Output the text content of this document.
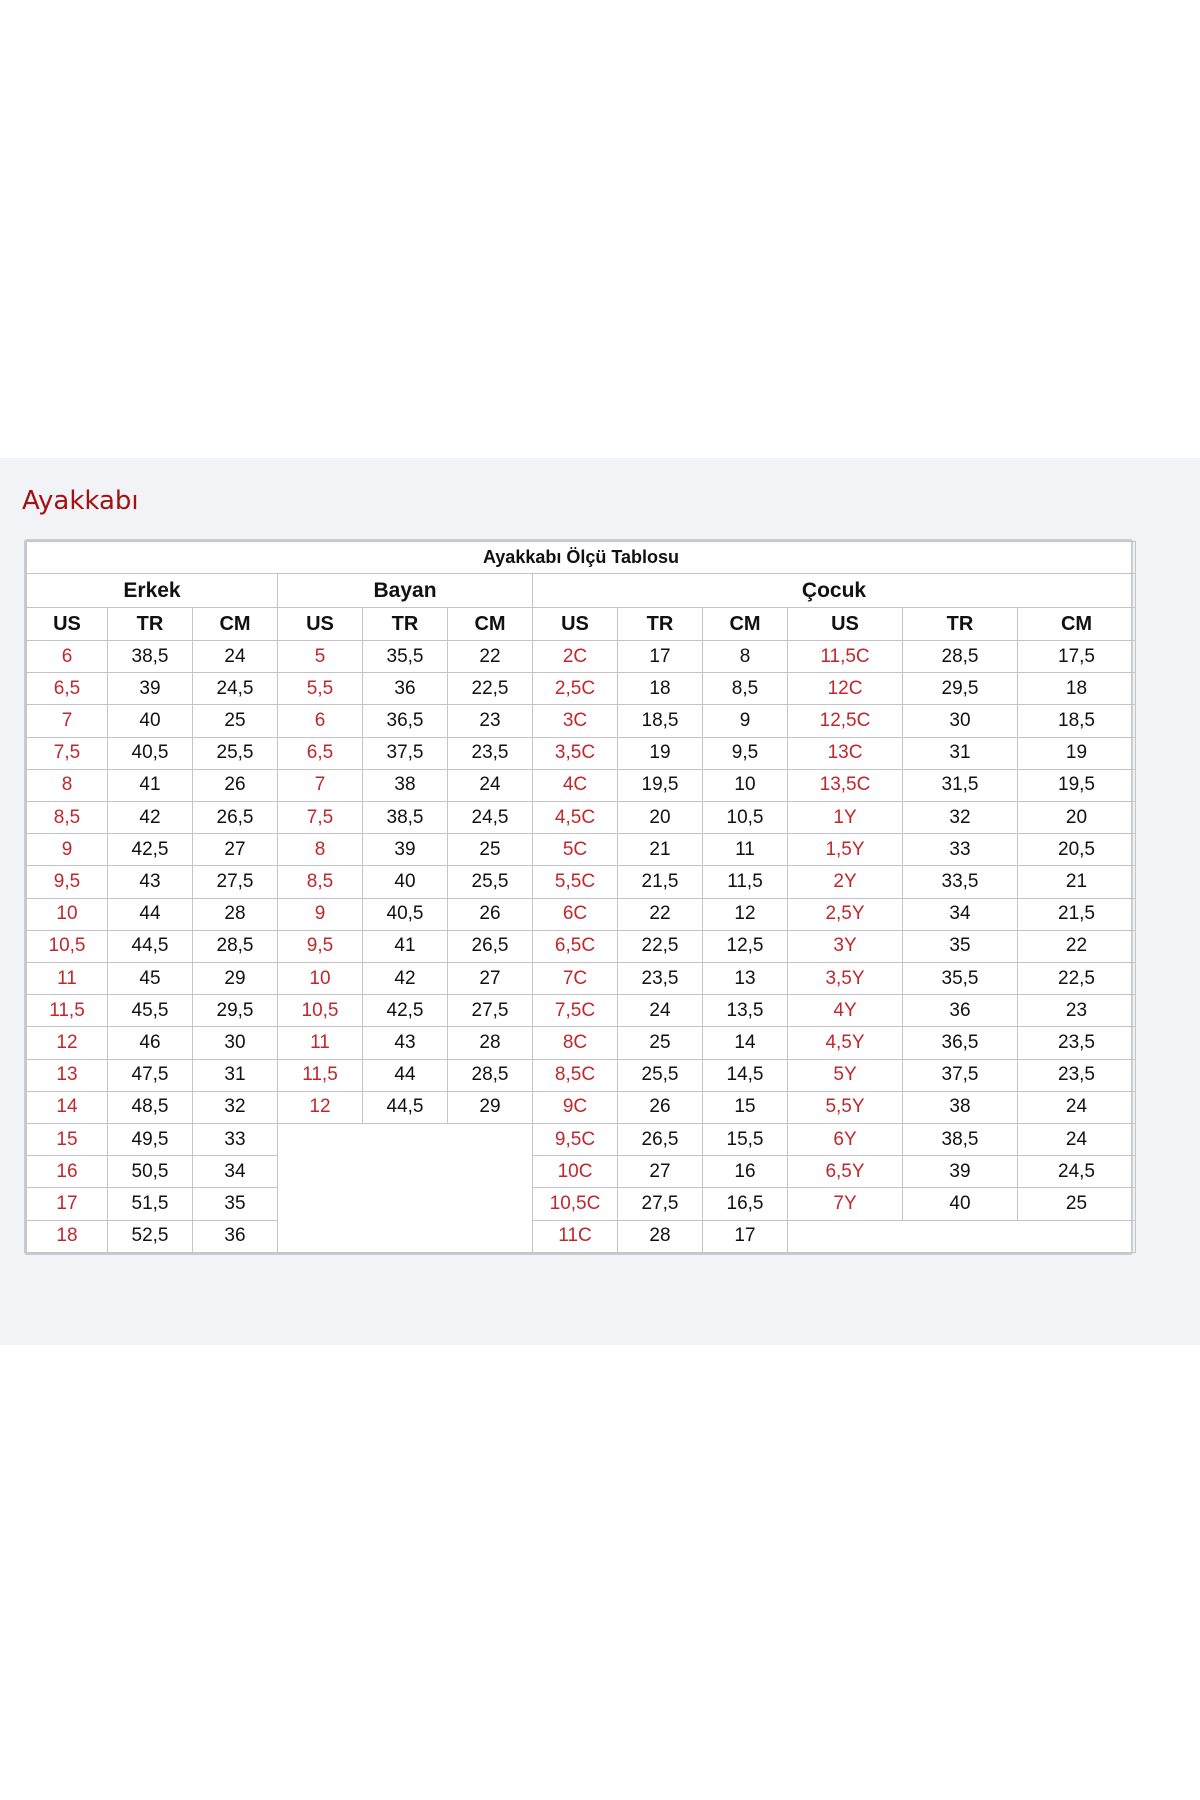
Ayakkabı
Ayakkabı Ölçü Tablosu											
Erkek			Bayan			Çocuk					
US	TR	CM	US	TR	CM	US	TR	CM	US	TR	CM
6	38,5	24	5	35,5	22	2C	17	8	11,5C	28,5	17,5
6,5	39	24,5	5,5	36	22,5	2,5C	18	8,5	12C	29,5	18
7	40	25	6	36,5	23	3C	18,5	9	12,5C	30	18,5
7,5	40,5	25,5	6,5	37,5	23,5	3,5C	19	9,5	13C	31	19
8	41	26	7	38	24	4C	19,5	10	13,5C	31,5	19,5
8,5	42	26,5	7,5	38,5	24,5	4,5C	20	10,5	1Y	32	20
9	42,5	27	8	39	25	5C	21	11	1,5Y	33	20,5
9,5	43	27,5	8,5	40	25,5	5,5C	21,5	11,5	2Y	33,5	21
10	44	28	9	40,5	26	6C	22	12	2,5Y	34	21,5
10,5	44,5	28,5	9,5	41	26,5	6,5C	22,5	12,5	3Y	35	22
11	45	29	10	42	27	7C	23,5	13	3,5Y	35,5	22,5
11,5	45,5	29,5	10,5	42,5	27,5	7,5C	24	13,5	4Y	36	23
12	46	30	11	43	28	8C	25	14	4,5Y	36,5	23,5
13	47,5	31	11,5	44	28,5	8,5C	25,5	14,5	5Y	37,5	23,5
14	48,5	32	12	44,5	29	9C	26	15	5,5Y	38	24
15	49,5	33				9,5C	26,5	15,5	6Y	38,5	24
16	50,5	34				10C	27	16	6,5Y	39	24,5
17	51,5	35				10,5C	27,5	16,5	7Y	40	25
18	52,5	36				11C	28	17			
